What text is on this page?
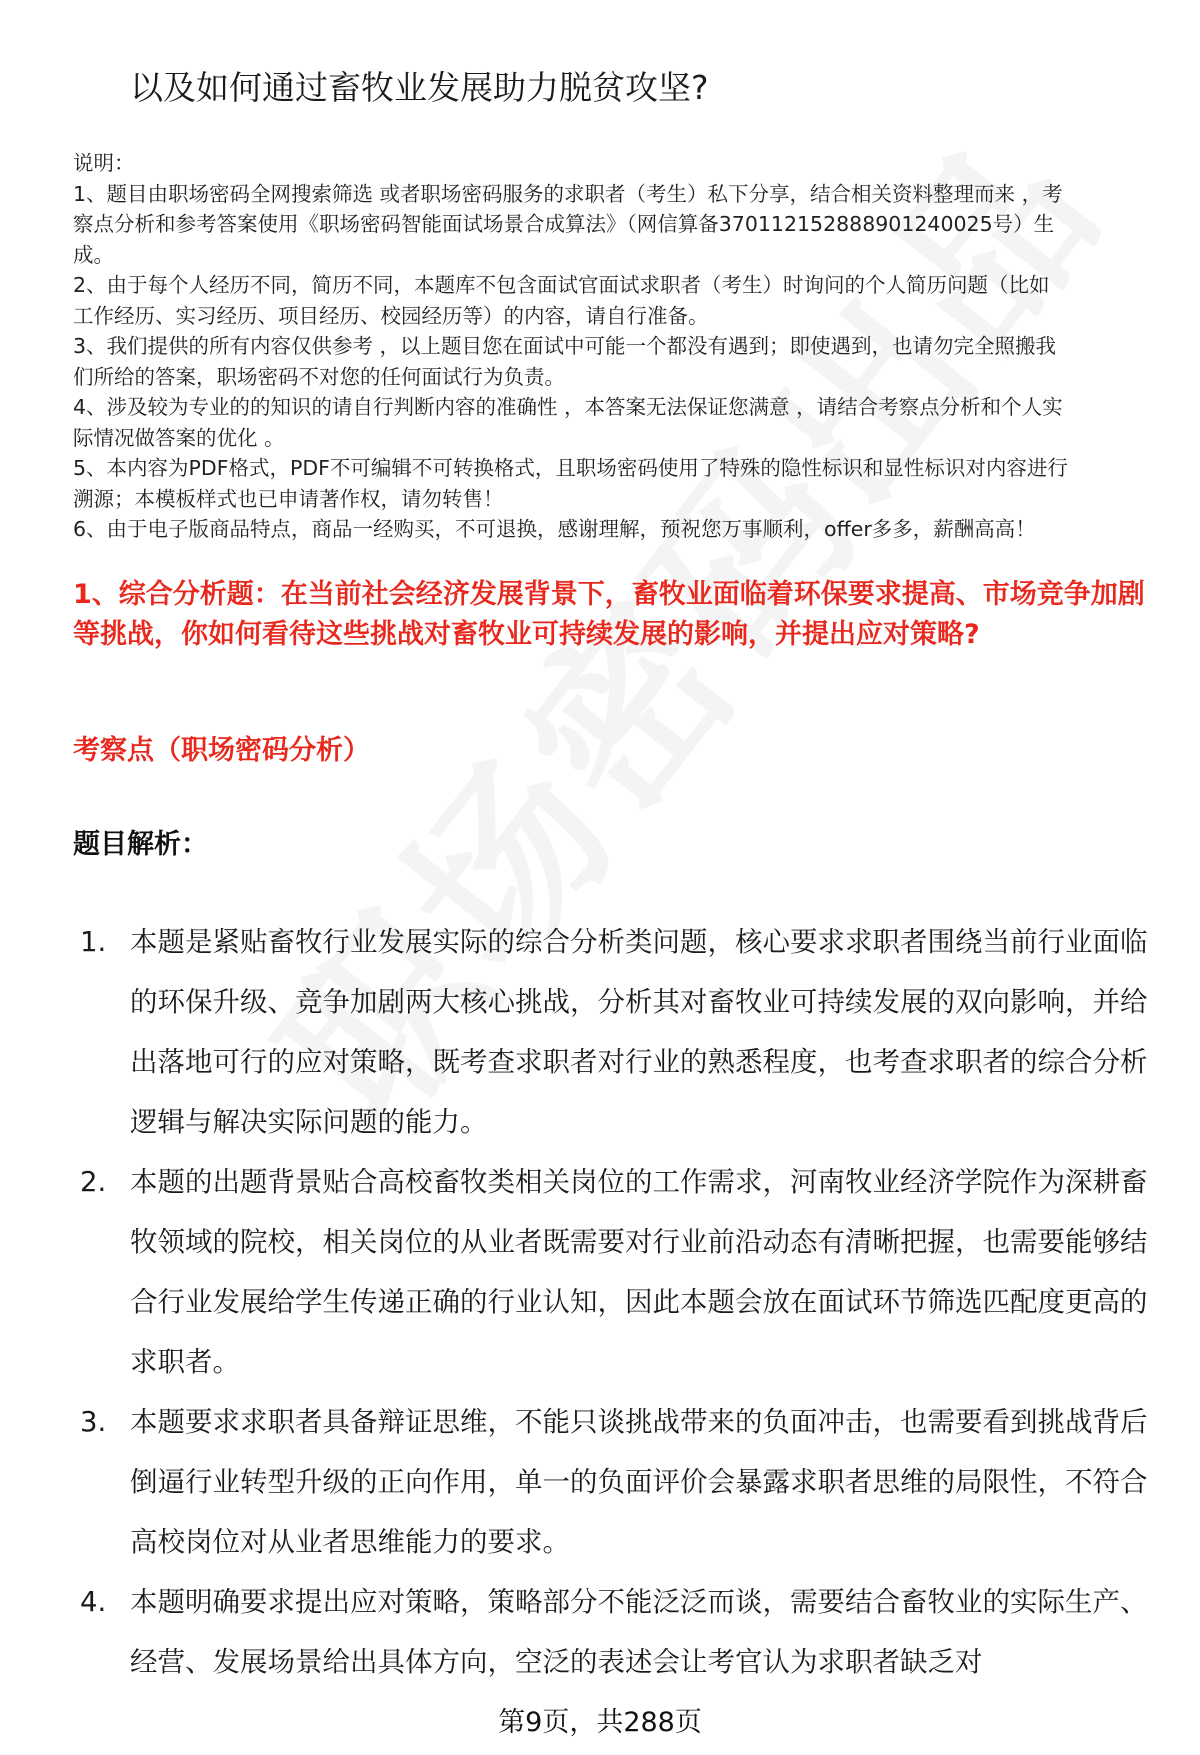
以及如何通过畜牧业发展助力脱贫攻坚?
说明：
1、题目由职场密码全网搜索筛选 或者职场密码服务的求职者（考生）私下分享，结合相关资料整理而来 ，考
察点分析和参考答案使用《职场密码智能面试场景合成算法》（网信算备370112152888901240025号）生
成。
2、由于每个人经历不同，简历不同，本题库不包含面试官面试求职者（考生）时询问的个人简历问题（比如
工作经历、实习经历、项目经历、校园经历等）的内容，请自行准备。
3、我们提供的所有内容仅供参考 ，以上题目您在面试中可能一个都没有遇到；即使遇到，也请勿完全照搬我
们所给的答案，职场密码不对您的任何面试行为负责。
4、涉及较为专业的的知识的请自行判断内容的准确性 ，本答案无法保证您满意 ，请结合考察点分析和个人实
际情况做答案的优化 。
5、本内容为PDF格式，PDF不可编辑不可转换格式，且职场密码使用了特殊的隐性标识和显性标识对内容进行
溯源；本模板样式也已申请著作权，请勿转售！
6、由于电子版商品特点，商品一经购买，不可退换，感谢理解，预祝您万事顺利，offer多多，薪酬高高！
1、综合分析题：在当前社会经济发展背景下，畜牧业面临着环保要求提高、市场竞争加剧等挑战，你如何看待这些挑战对畜牧业可持续发展的影响，并提出应对策略?
考察点（职场密码分析）
题目解析：
1. 本题是紧贴畜牧行业发展实际的综合分析类问题，核心要求求职者围绕当前行业面临的环保升级、竞争加剧两大核心挑战，分析其对畜牧业可持续发展的双向影响，并给出落地可行的应对策略，既考查求职者对行业的熟悉程度，也考查求职者的综合分析逻辑与解决实际问题的能力。
2. 本题的出题背景贴合高校畜牧类相关岗位的工作需求，河南牧业经济学院作为深耕畜牧领域的院校，相关岗位的从业者既需要对行业前沿动态有清晰把握，也需要能够结合行业发展给学生传递正确的行业认知，因此本题会放在面试环节筛选匹配度更高的求职者。
3. 本题要求求职者具备辩证思维，不能只谈挑战带来的负面冲击，也需要看到挑战背后倒逼行业转型升级的正向作用，单一的负面评价会暴露求职者思维的局限性，不符合高校岗位对从业者思维能力的要求。
4. 本题明确要求提出应对策略，策略部分不能泛泛而谈，需要结合畜牧业的实际生产、经营、发展场景给出具体方向，空泛的表述会让考官认为求职者缺乏对
第9页，共288页
